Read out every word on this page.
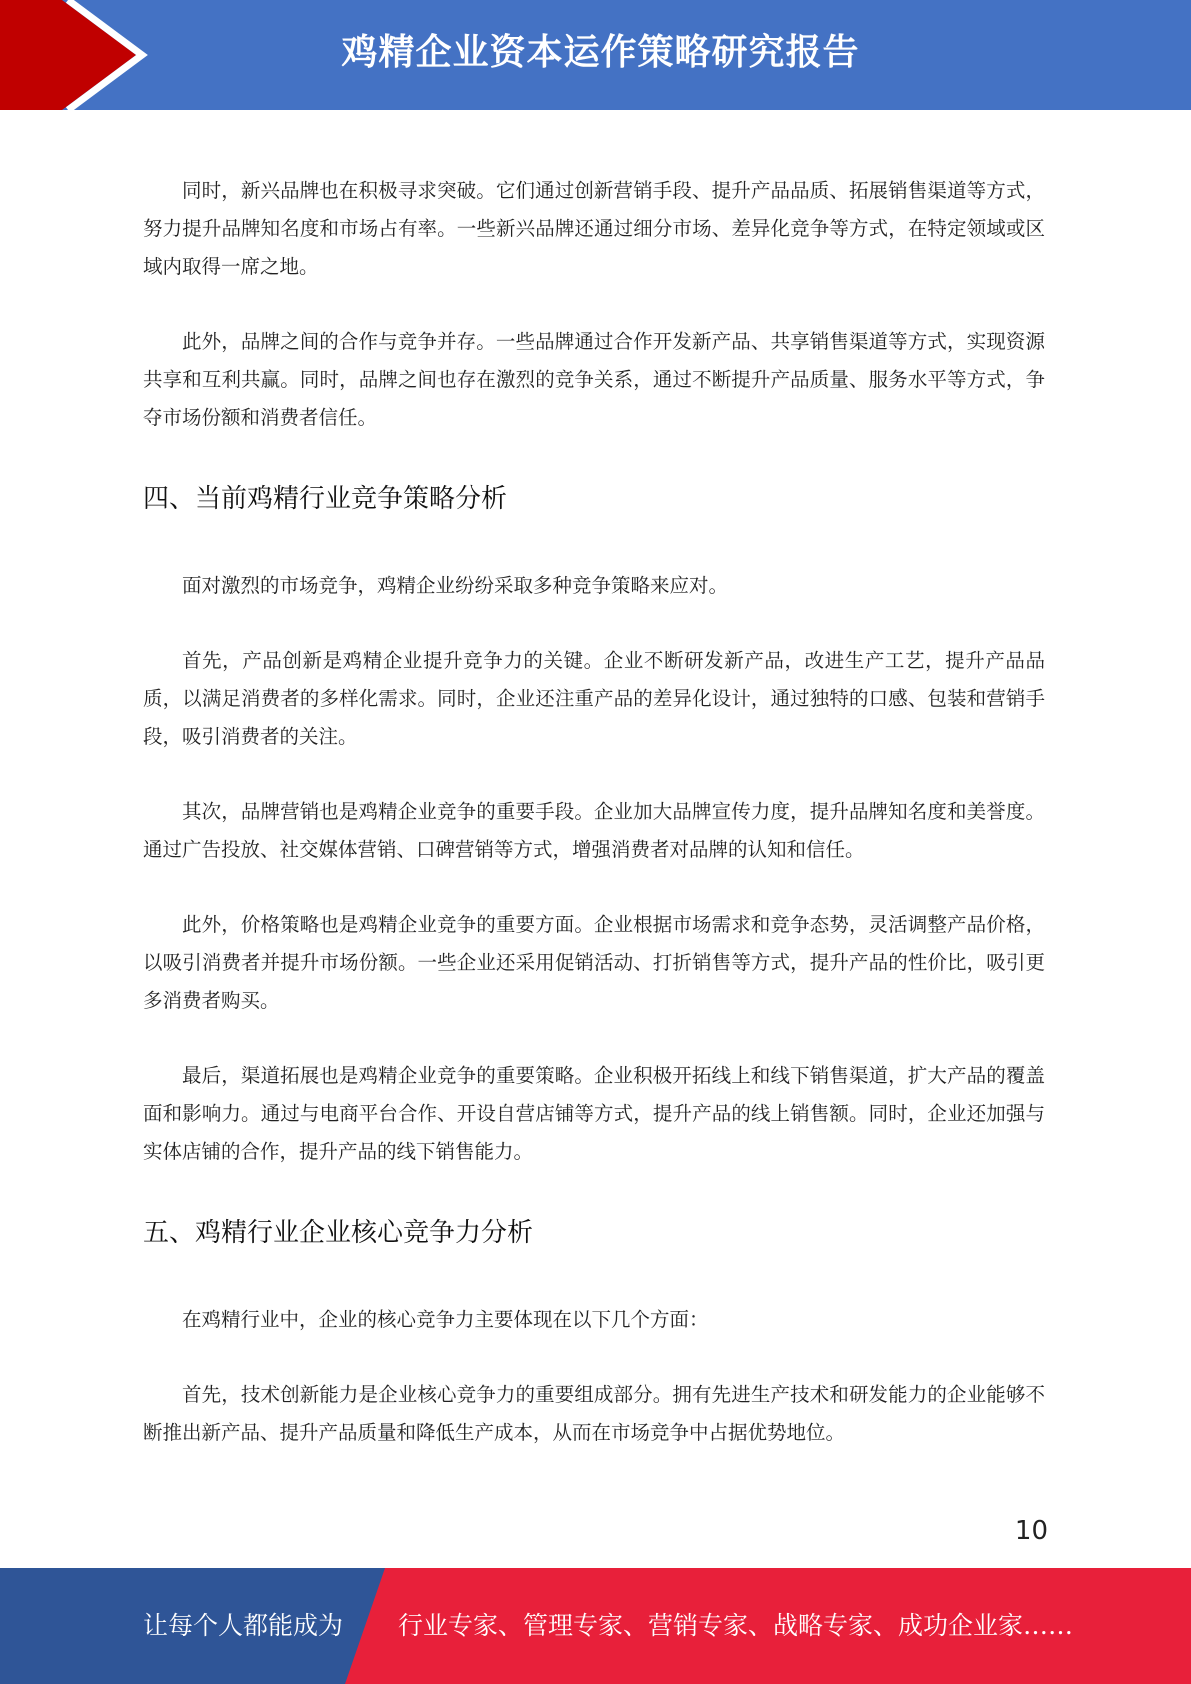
鸡精企业资本运作策略研究报告

同时，新兴品牌也在积极寻求突破。它们通过创新营销手段、提升产品品质、拓展销售渠道等方式，努力提升品牌知名度和市场占有率。一些新兴品牌还通过细分市场、差异化竞争等方式，在特定领域或区域内取得一席之地。

此外，品牌之间的合作与竞争并存。一些品牌通过合作开发新产品、共享销售渠道等方式，实现资源共享和互利共赢。同时，品牌之间也存在激烈的竞争关系，通过不断提升产品质量、服务水平等方式，争夺市场份额和消费者信任。

四、当前鸡精行业竞争策略分析

面对激烈的市场竞争，鸡精企业纷纷采取多种竞争策略来应对。

首先，产品创新是鸡精企业提升竞争力的关键。企业不断研发新产品，改进生产工艺，提升产品品质，以满足消费者的多样化需求。同时，企业还注重产品的差异化设计，通过独特的口感、包装和营销手段，吸引消费者的关注。

其次，品牌营销也是鸡精企业竞争的重要手段。企业加大品牌宣传力度，提升品牌知名度和美誉度。通过广告投放、社交媒体营销、口碑营销等方式，增强消费者对品牌的认知和信任。

此外，价格策略也是鸡精企业竞争的重要方面。企业根据市场需求和竞争态势，灵活调整产品价格，以吸引消费者并提升市场份额。一些企业还采用促销活动、打折销售等方式，提升产品的性价比，吸引更多消费者购买。

最后，渠道拓展也是鸡精企业竞争的重要策略。企业积极开拓线上和线下销售渠道，扩大产品的覆盖面和影响力。通过与电商平台合作、开设自营店铺等方式，提升产品的线上销售额。同时，企业还加强与实体店铺的合作，提升产品的线下销售能力。

五、鸡精行业企业核心竞争力分析

在鸡精行业中，企业的核心竞争力主要体现在以下几个方面：

首先，技术创新能力是企业核心竞争力的重要组成部分。拥有先进生产技术和研发能力的企业能够不断推出新产品、提升产品质量和降低生产成本，从而在市场竞争中占据优势地位。

10
让每个人都能成为 行业专家、管理专家、营销专家、战略专家、成功企业家……
